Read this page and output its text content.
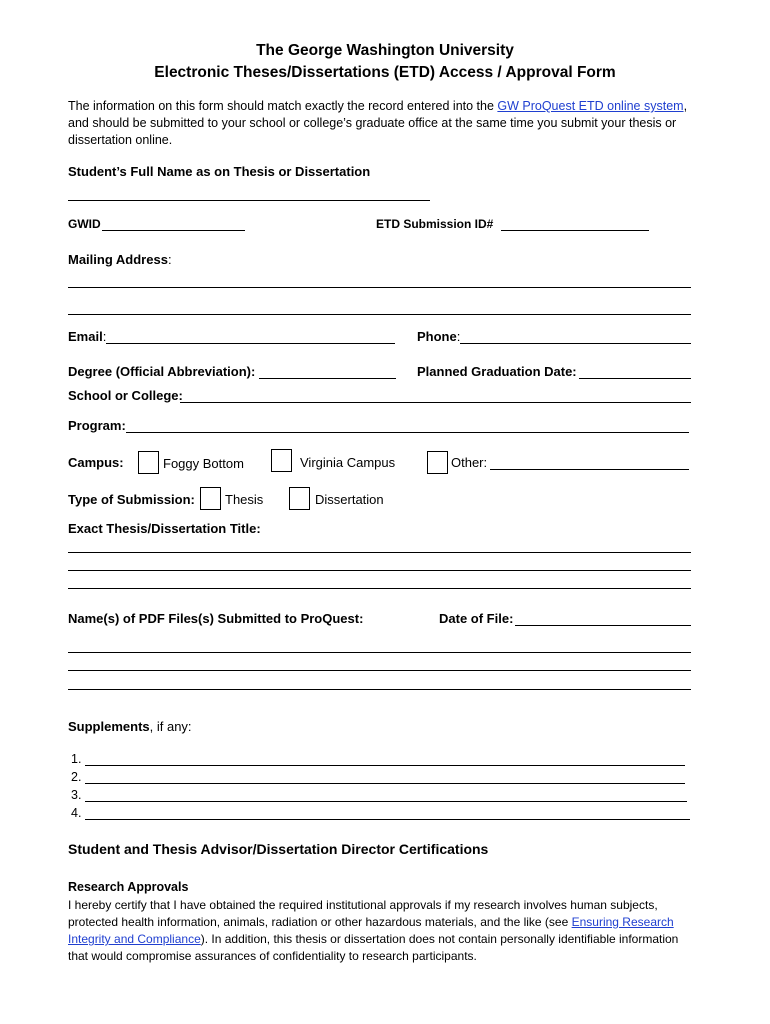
The George Washington University
Electronic Theses/Dissertations (ETD) Access / Approval Form
The information on this form should match exactly the record entered into the GW ProQuest ETD online system, and should be submitted to your school or college’s graduate office at the same time you submit your thesis or dissertation online.
Student’s Full Name as on Thesis or Dissertation
GWID	ETD Submission ID#
Mailing Address:
Email:	Phone:
Degree (Official Abbreviation):	Planned Graduation Date:
School or College:
Program:
Campus:	Foggy Bottom	Virginia Campus	Other:
Type of Submission: Thesis	Dissertation
Exact Thesis/Dissertation Title:
Name(s) of PDF Files(s) Submitted to ProQuest:	Date of File:
Supplements, if any:
1.
2.
3.
4.
Student and Thesis Advisor/Dissertation Director Certifications
Research Approvals
I hereby certify that I have obtained the required institutional approvals if my research involves human subjects, protected health information, animals, radiation or other hazardous materials, and the like (see Ensuring Research Integrity and Compliance). In addition, this thesis or dissertation does not contain personally identifiable information that would compromise assurances of confidentiality to research participants.
